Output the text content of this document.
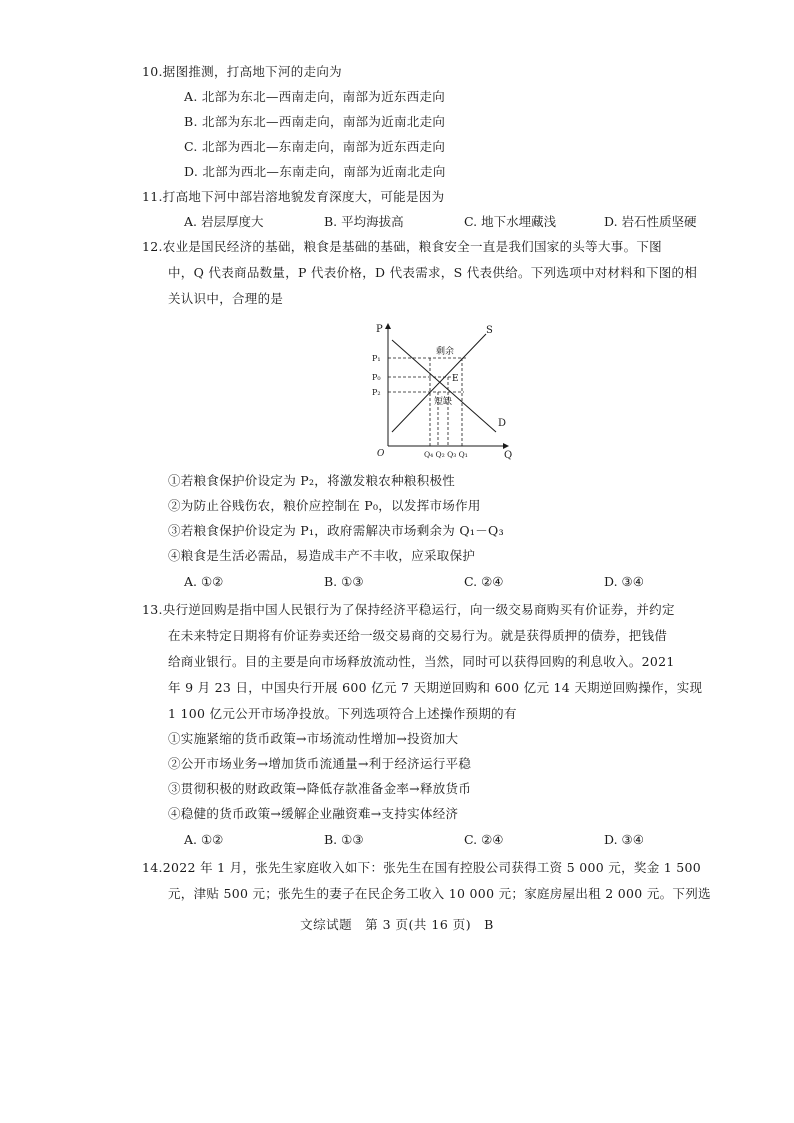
10.据图推测，打高地下河的走向为
A. 北部为东北—西南走向，南部为近东西走向
B. 北部为东北—西南走向，南部为近南北走向
C. 北部为西北—东南走向，南部为近东西走向
D. 北部为西北—东南走向，南部为近南北走向
11.打高地下河中部岩溶地貌发育深度大，可能是因为
A. 岩层厚度大	B. 平均海拔高	C. 地下水埋藏浅	D. 岩石性质坚硬
12.农业是国民经济的基础，粮食是基础的基础，粮食安全一直是我们国家的头等大事。下图
中，Q 代表商品数量，P 代表价格，D 代表需求，S 代表供给。下列选项中对材料和下图的相
关认识中，合理的是
P
Q
O
S
D
E
剩余
短缺
P₁
P₀
P₂
Q₄ Q₂ Q₃ Q₁
①若粮食保护价设定为 P₂，将激发粮农种粮积极性
②为防止谷贱伤农，粮价应控制在 P₀，以发挥市场作用
③若粮食保护价设定为 P₁，政府需解决市场剩余为 Q₁－Q₃
④粮食是生活必需品，易造成丰产不丰收，应采取保护
A. ①②	B. ①③	C. ②④	D. ③④
13.央行逆回购是指中国人民银行为了保持经济平稳运行，向一级交易商购买有价证券，并约定
在未来特定日期将有价证券卖还给一级交易商的交易行为。就是获得质押的债券，把钱借
给商业银行。目的主要是向市场释放流动性，当然，同时可以获得回购的利息收入。2021
年 9 月 23 日，中国央行开展 600 亿元 7 天期逆回购和 600 亿元 14 天期逆回购操作，实现
1 100 亿元公开市场净投放。下列选项符合上述操作预期的有
①实施紧缩的货币政策→市场流动性增加→投资加大
②公开市场业务→增加货币流通量→利于经济运行平稳
③贯彻积极的财政政策→降低存款准备金率→释放货币
④稳健的货币政策→缓解企业融资难→支持实体经济
A. ①②	B. ①③	C. ②④	D. ③④
14.2022 年 1 月，张先生家庭收入如下：张先生在国有控股公司获得工资 5 000 元，奖金 1 500
元，津贴 500 元；张先生的妻子在民企务工收入 10 000 元；家庭房屋出租 2 000 元。下列选
文综试题　第 3 页(共 16 页)　B
